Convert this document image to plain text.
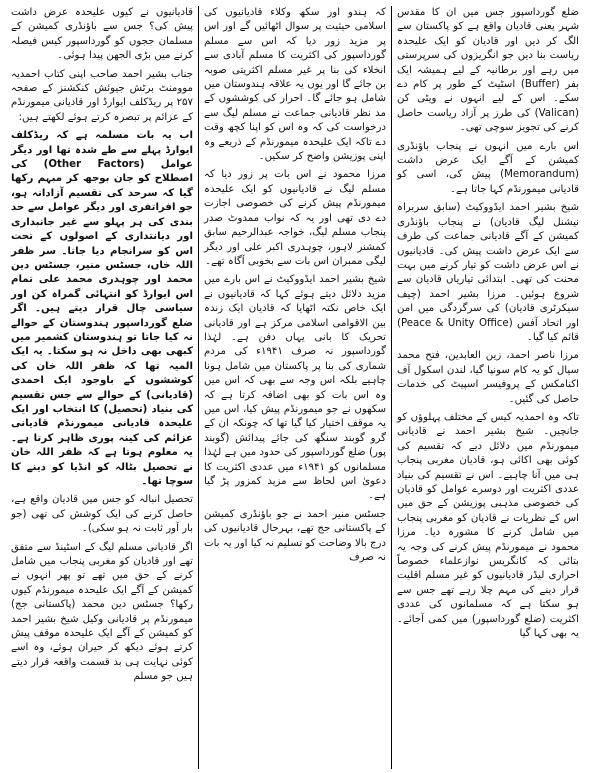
ضلع گورداسپور جس میں ان کا مقدس شہر یعنی قادیان واقع ہے کو پاکستان سے الگ کر دیں اور قادیان کو ایک علیحدہ ریاست بنا دیں جو انگریزوں کی سرپرستی میں رہے اور برطانیہ کے لیے ہمیشہ ایک بفر (Buffer) اسٹیٹ کے طور پر کام دے سکے۔ اس کے لیے انہوں نے ویٹی کن (Valican) کی طرز پر آزاد ریاست حاصل کرنے کی تجویز سوچی تھی۔

اس بارے میں انہوں نے پنجاب باؤنڈری کمیشن کے آگے ایک عرض داشت (Memorandum) پیش کی، اسی کو قادیانی میمورنڈم کہا جاتا ہے۔

شیخ بشیر احمد ایڈووکیٹ (سابق سربراہ نیشنل لیگ قادیان) نے پنجاب باؤنڈری کمیشن کے آگے قادیانی جماعت کی طرف سے ایک عرض داشت پیش کی۔ قادیانیوں نے اس عرض داشت کو تیار کرنے میں بہت محنت کی تھی۔ ابتدائی تیاریاں قادیان سے شروع ہوئیں۔ مرزا بشیر احمد (چیف سیکرٹری قادیان) کی سرگردگی میں امن اور اتحاد آفس (Peace & Unity Office) قائم کیا گیا۔

مرزا ناصر احمد، زین العابدین، فتح محمد سیال کو یہ کام سونپا گیا، لندن اسکول آف اکنامکس کے پروفیسر اسپیٹ کی خدمات حاصل کی گئیں۔

تاکہ وہ احمدیہ کیس کے مختلف پہلوؤں کو جانچیں۔ شیخ بشیر احمد نے قادیانی میمورنڈم میں دلائل دیے کہ تقسیم کی کوئی بھی اکائی ہو، قادیان مغربی پنجاب ہی میں آنا چاہیے۔ اس نے تقسیم کی بنیاد عددی اکثریت اور دوسرے عوامل کو قادیان کی خصوصی مذہبی پوزیشن کے حق میں اس کے نظریات نے قادیان کو مغربی پنجاب میں شامل کرنے کا مشورہ دیا۔ مرزا محمود نے میمورنڈم پیش کرنے کی وجہ یہ بتائی کہ کانگریس نوازعلماء خصوصاً احراری لیڈر قادیانیوں کو غیر مسلم اقلیت قرار دینے کی مہم چلا رہے تھے جس سے ہو سکتا ہے کہ مسلمانوں کی عددی اکثریت (ضلع گورداسپور) میں کمی آجائے۔ یہ بھی کہا گیا

کہ ہندو اور سکھ وکلاء قادیانیوں کی اسلامی حیثیت پر سوال اٹھائیں گے اور اس پر مزید زور دیا کہ اس سے مسلم گورداسپور کی اکثریت کا مسلم آبادی سے انخلاء کی بنا پر غیر مسلم اکثریتی صوبہ بن جائے گا اور یوں یہ علاقہ ہندوستان میں شامل ہو جائے گا۔ احرار کی کوششوں کے مد نظر قادیانی جماعت نے مسلم لیگ سے درخواست کی کہ وہ اس کو اپنا کچھ وقت دے تاکہ ایک علیحدہ میمورنڈم کے ذریعے وہ اپنی پوزیشن واضح کر سکیں۔

مرزا محمود نے اس بات پر زور دیا کہ مسلم لیگ نے قادیانیوں کو ایک علیحدہ میمورنڈم پیش کرنے کی خصوصی اجازت دے دی تھی اور یہ کہ نواب ممدوٹ صدر پنجاب مسلم لیگ، خواجہ عبدالرحیم سابق کمشنر لاہور، چوہدری اکبر علی اور دیگر لیگی ممبران اس بات سے بخوبی آگاہ تھے۔

شیخ بشیر احمد ایڈووکیٹ نے اس بارے میں مزید دلائل دیتے ہوئے کہا کہ قادیانیوں نے ایک خاص نکتہ اٹھایا کہ قادیان ایک زندہ بین الاقوامی اسلامی مرکز ہے اور قادیانی تحریک کا بانی یہاں دفن ہے۔ لہٰذا گورداسپور نہ صرف ۱۹۴۱ء کی مردم شماری کی بنا پر پاکستان میں شامل ہونا چاہیے بلکہ اس وجہ سے بھی کہ اس میں وہ اس بات کو بھی اضافہ کرتا ہے کہ سکھوں نے جو میمورنڈم پیش کیا، اس میں یہ موقف اختیار کیا گیا تھا کہ چونکہ ان کے گرو گوبند سنگھ کی جائے پیدائش (گوبند پور) ضلع گورداسپور کی حدود میں ہے لہٰذا مسلمانوں کو ۱۹۴۱ء میں عددی اکثریت کا دعویٰ اس لحاظ سے مزید کمزور پڑ گیا ہے۔

جسٹس منیر احمد نے جو باؤنڈری کمیشن کے پاکستانی جج تھے، بہرحال قادیانیوں کی درج بالا وضاحت کو تسلیم نہ کیا اور یہ بات نہ صرف

قادیانیوں نے کیوں علیحدہ عرض داشت پیش کی؟ جس سے باؤنڈری کمیشن کے مسلمان ججوں کو گورداسپور کیس فیصلہ کرنے میں بڑی الجھن پیدا ہوئی۔

جناب بشیر احمد صاحب اپنی کتاب احمدیہ موومنٹ برٹش جیوئش کنکشنز کے صفحہ ۲۵۷ پر ریڈکلف ایوارڈ اور قادیانی میمورنڈم کے عزائم پر تبصرہ کرتے ہوئے لکھتے ہیں:

اب یہ بات مسلمہ ہے کہ ریڈکلف ایوارڈ پہلے سے طے شدہ تھا اور دیگر عوامل (Other Factors) کی اصطلاح کو جان بوجھ کر مبہم رکھا گیا کہ سرحد کی تقسیم آزادانہ ہو، جو افراتفری اور دیگر عوامل سے حد بندی کی ہر پہلو سے غیر جانبداری اور دیانتداری کے اصولوں کے تحت اس کو سرانجام دیا جاتا۔ سر ظفر اللہ خاں، جسٹس منیر، جسٹس دین محمد اور چوہدری محمد علی تمام اس ایوارڈ کو انتہائی گمراہ کن اور سیاسی چال قرار دیتے ہیں۔ اگر ضلع گورداسپور ہندوستان کے حوالے نہ کیا جاتا تو ہندوستان کشمیر میں کبھی بھی داخل نہ ہو سکتا۔ یہ ایک المیہ تھا کہ ظفر اللہ خان کی کوششوں کے باوجود ایک احمدی (قادیانی) کے حوالے سے جس تقسیم کی بنیاد (تحصیل) کا انتخاب اور ایک علیحدہ قادیانی میمورنڈم قادیانی عزائم کی کینہ پوری ظاہر کرتا ہے۔ یہ معلوم ہوتا ہے کہ ظفر اللہ خان نے تحصیل بٹالہ کو انڈیا کو دینے کا سوچا تھا۔

تحصیل انبالہ کو جس میں قادیان واقع ہے، حاصل کرنے کی ایک کوشش کی تھی (جو بار آور ثابت نہ ہو سکی)۔

اگر قادیانی مسلم لیگ کے اسٹینڈ سے متفق تھے اور قادیان کو مغربی پنجاب میں شامل کرنے کے حق میں تھے تو پھر انہوں نے کمیشن کے آگے ایک علیحدہ میمورنڈم کیوں رکھا؟ جسٹس دین محمد (پاکستانی جج) میمورنڈم پر قادیانی وکیل شیخ بشیر احمد کو کمیشن کے آگے ایک علیحدہ موقف پیش کرتے ہوئے دیکھ کر حیران ہوئے، وہ اسے کوئی نہایت ہی بد قسمت واقعہ قرار دیتے ہیں جو مسلم
